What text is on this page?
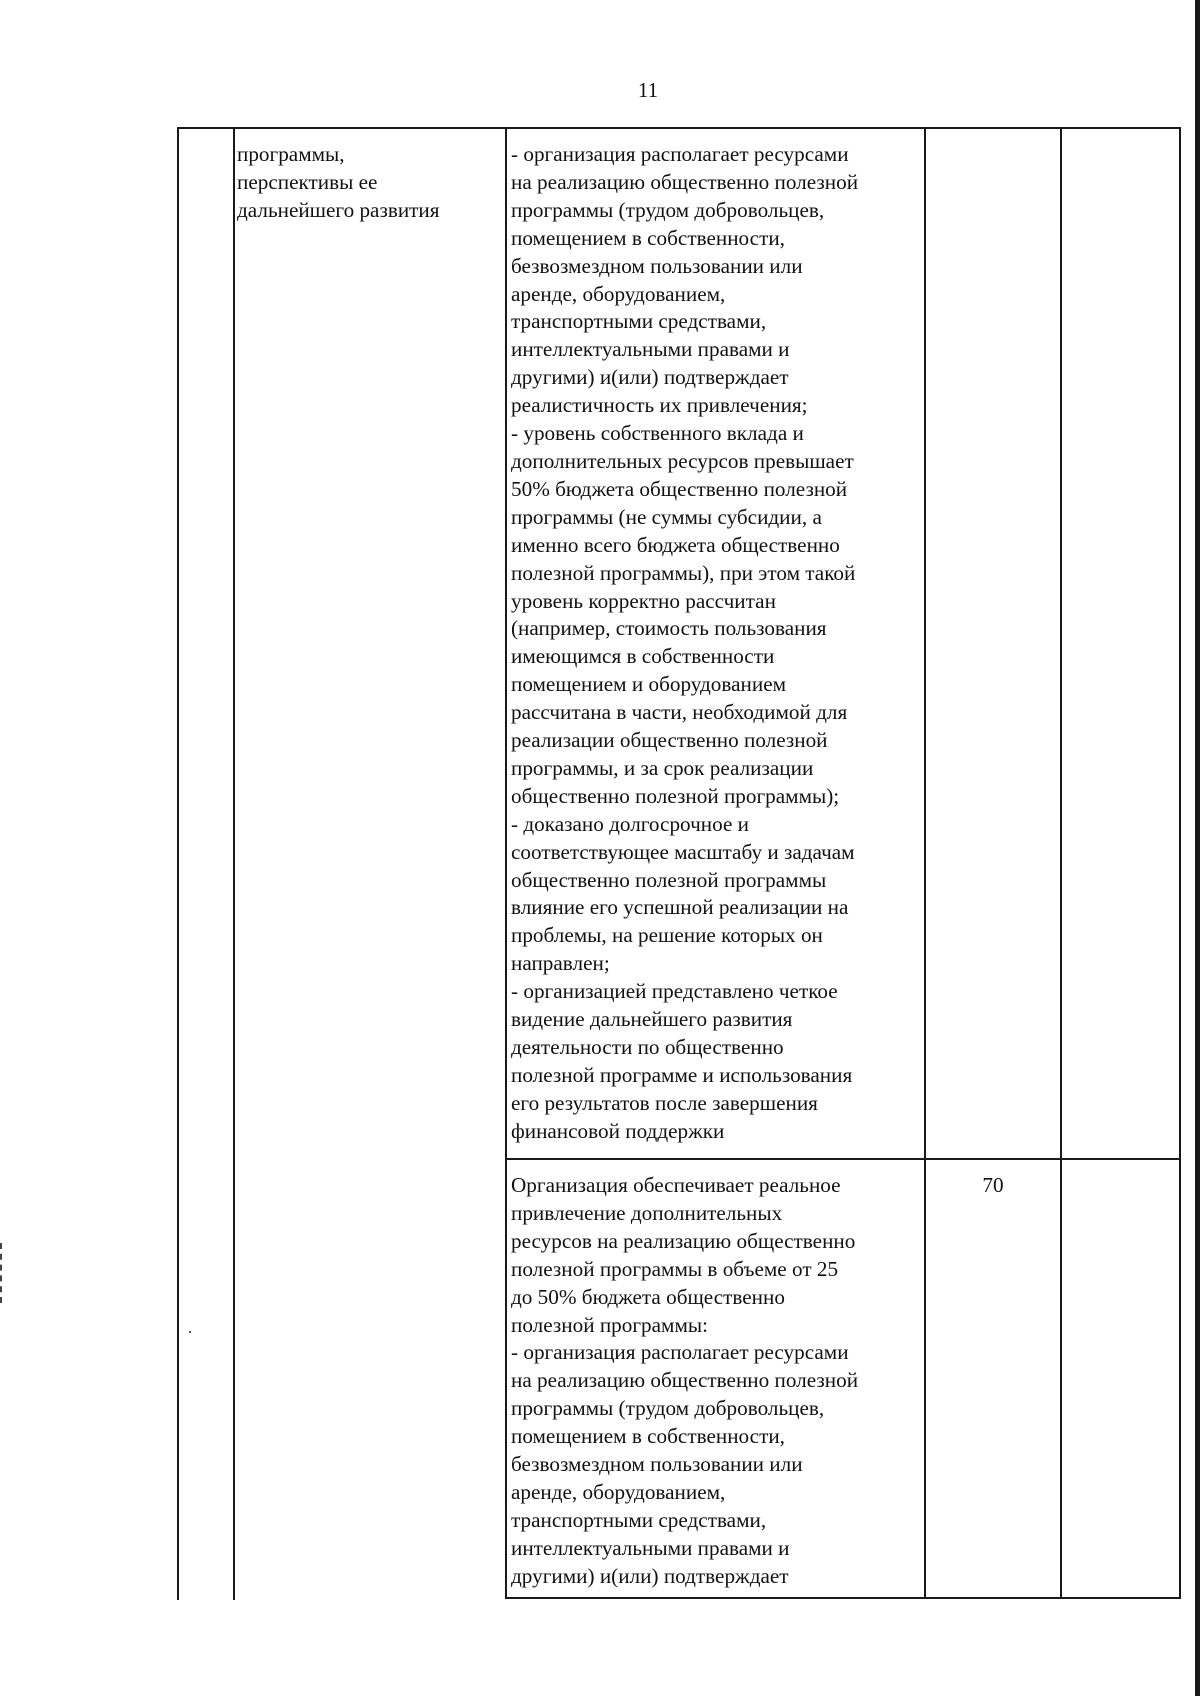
11
программы,
перспективы ее
дальнейшего развития
- организация располагает ресурсами
на реализацию общественно полезной
программы (трудом добровольцев,
помещением в собственности,
безвозмездном пользовании или
аренде, оборудованием,
транспортными средствами,
интеллектуальными правами и
другими) и(или) подтверждает
реалистичность их привлечения;
- уровень собственного вклада и
дополнительных ресурсов превышает
50% бюджета общественно полезной
программы (не суммы субсидии, а
именно всего бюджета общественно
полезной программы), при этом такой
уровень корректно рассчитан
(например, стоимость пользования
имеющимся в собственности
помещением и оборудованием
рассчитана в части, необходимой для
реализации общественно полезной
программы, и за срок реализации
общественно полезной программы);
- доказано долгосрочное и
соответствующее масштабу и задачам
общественно полезной программы
влияние его успешной реализации на
проблемы, на решение которых он
направлен;
- организацией представлено четкое
видение дальнейшего развития
деятельности по общественно
полезной программе и использования
его результатов после завершения
финансовой поддержки
Организация обеспечивает реальное
привлечение дополнительных
ресурсов на реализацию общественно
полезной программы в объеме от 25
до 50% бюджета общественно
полезной программы:
- организация располагает ресурсами
на реализацию общественно полезной
программы (трудом добровольцев,
помещением в собственности,
безвозмездном пользовании или
аренде, оборудованием,
транспортными средствами,
интеллектуальными правами и
другими) и(или) подтверждает
70
